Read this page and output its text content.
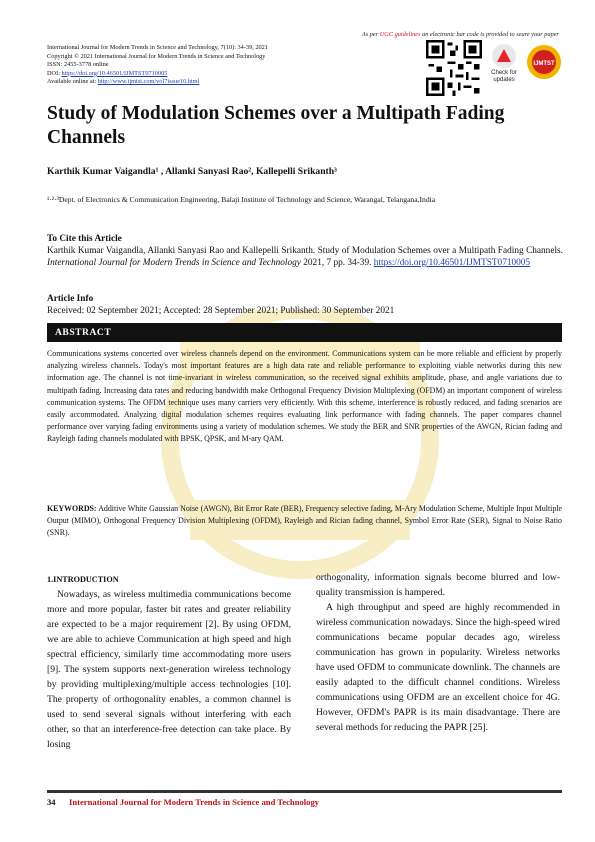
As per UGC guidelines an electronic bar code is provided to seure your paper
International Journal for Modern Trends in Science and Technology, 7(10): 34-39, 2021
Copyright © 2021 International Journal for Modern Trends in Science and Technology
ISSN: 2455-3778 online
DOI: https://doi.org/10.46501/IJMTST0710005
Available online at: http://www.ijmtst.com/vol7issue10.html
Check for
updates
IJMTST
Study of Modulation Schemes over a Multipath Fading Channels
Karthik Kumar Vaigandla¹ , Allanki Sanyasi Rao², Kallepelli Srikanth³
¹·²·³Dept. of Electronics & Communication Engineering, Balaji Institute of Technology and Science, Warangal, Telangana,India
To Cite this Article
Karthik Kumar Vaigandla, Allanki Sanyasi Rao and Kallepelli Srikanth. Study of Modulation Schemes over a Multipath Fading Channels. International Journal for Modern Trends in Science and Technology 2021, 7 pp. 34-39. https://doi.org/10.46501/IJMTST0710005
Article Info
Received: 02 September 2021; Accepted: 28 September 2021; Published: 30 September 2021
ABSTRACT
Communications systems concerted over wireless channels depend on the environment. Communications system can be more reliable and efficient by properly analyzing wireless channels. Today's most important features are a high data rate and reliable performance to exploiting viable networks during this new information age. The channel is not time-invariant in wireless communication, so the received signal exhibits amplitude, phase, and angle variations due to multipath fading. Increasing data rates and reducing bandwidth make Orthogonal Frequency Division Multiplexing (OFDM) an important component of wireless communication systems. The OFDM technique uses many carriers very efficiently. With this scheme, interference is robustly reduced, and fading scenarios are easily accommodated. Analyzing digital modulation schemes requires evaluating link performance with fading channels. The paper compares channel performance over varying fading environments using a variety of modulation schemes. We study the BER and SNR properties of the AWGN, Rician fading and Rayleigh fading channels modulated with BPSK, QPSK, and M-ary QAM.
KEYWORDS: Additive White Gaussian Noise (AWGN), Bit Error Rate (BER), Frequency selective fading, M-Ary Modulation Scheme, Multiple Input Multiple Output (MIMO), Orthogonal Frequency Division Multiplexing (OFDM), Rayleigh and Rician fading channel, Symbol Error Rate (SER), Signal to Noise Ratio (SNR).

1.INTRODUCTION

Nowadays, as wireless multimedia communications become more and more popular, faster bit rates and greater reliability are expected to be a major requirement [2]. By using OFDM, we are able to achieve Communication at high speed and high spectral efficiency, similarly time accommodating more users [9]. The system supports next-generation wireless technology by providing multiplexing/multiple access technologies [10]. The property of orthogonality enables, a common channel is used to send several signals without interfering with each other, so that an interference-free detection can take place. By losing

orthogonality, information signals become blurred and low-quality transmission is hampered.

A high throughput and speed are highly recommended in wireless communication nowadays. Since the high-speed wired communications became popular decades ago, wireless communication has grown in popularity. Wireless networks have used OFDM to communicate downlink. The channels are easily adapted to the difficult channel conditions. Wireless communications using OFDM are an excellent choice for 4G. However, OFDM's PAPR is its main disadvantage. There are several methods for reducing the PAPR [25].

34 International Journal for Modern Trends in Science and Technology
